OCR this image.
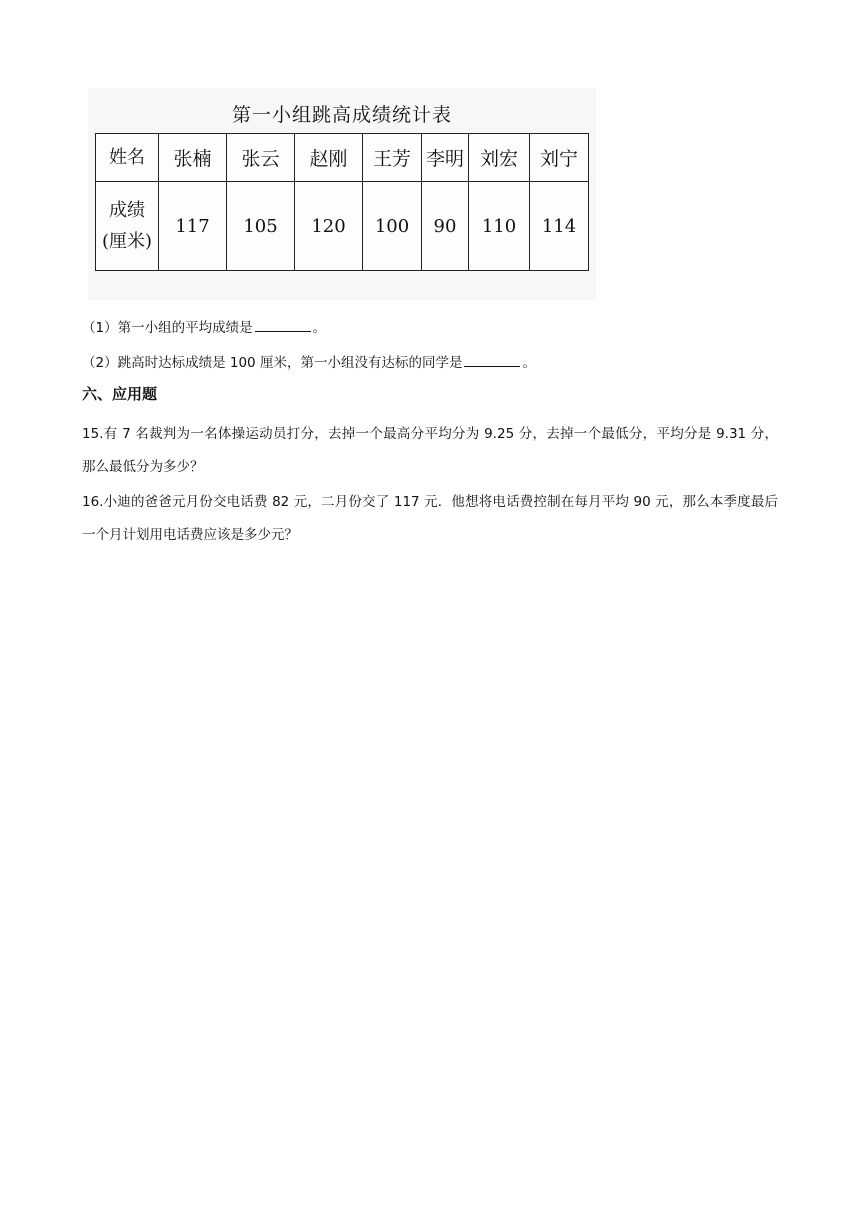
第一小组跳高成绩统计表
姓名	张楠	张云	赵刚	王芳	李明	刘宏	刘宁

成绩
(厘米)	117	105	120	100	90	110	114
（1）第一小组的平均成绩是	。
（2）跳高时达标成绩是 100 厘米，第一小组没有达标的同学是	。
六、应用题
15.有 7 名裁判为一名体操运动员打分，去掉一个最高分平均分为 9.25 分，去掉一个最低分，平均分是 9.31 分，那么最低分为多少？
16.小迪的爸爸元月份交电话费 82 元，二月份交了 117 元．他想将电话费控制在每月平均 90 元，那么本季度最后一个月计划用电话费应该是多少元？
